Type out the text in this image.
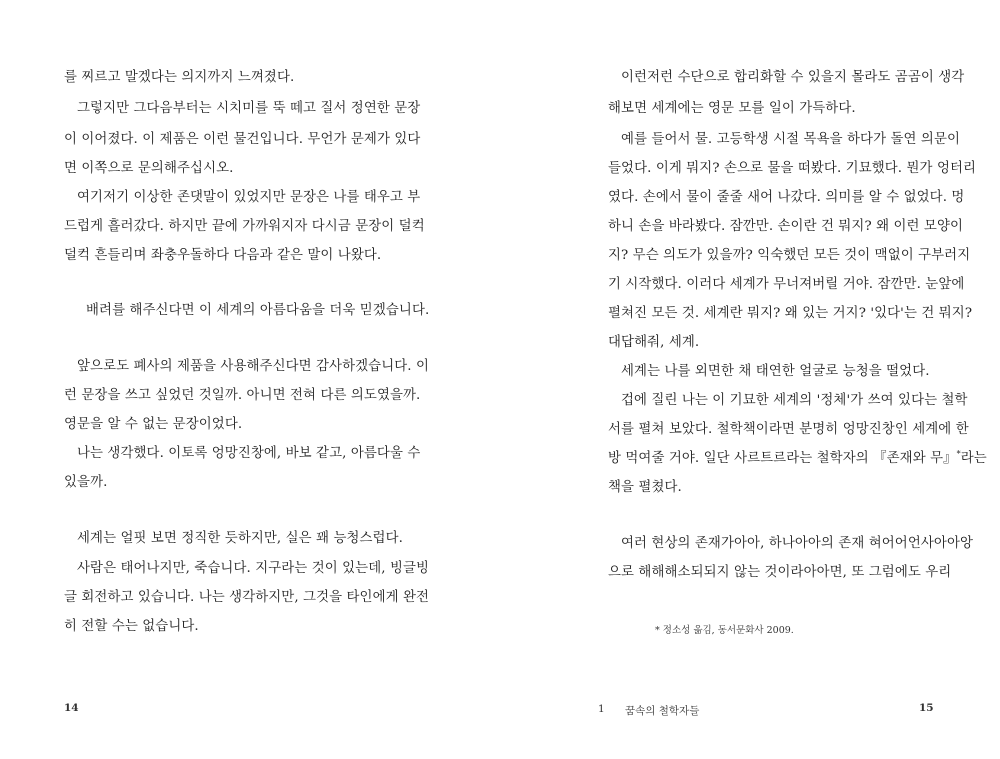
를 찌르고 말겠다는 의지까지 느껴졌다.
그렇지만 그다음부터는 시치미를 뚝 떼고 질서 정연한 문장
이 이어졌다. 이 제품은 이런 물건입니다. 무언가 문제가 있다
면 이쪽으로 문의해주십시오.
여기저기 이상한 존댓말이 있었지만 문장은 나를 태우고 부
드럽게 흘러갔다. 하지만 끝에 가까워지자 다시금 문장이 덜컥
덜컥 흔들리며 좌충우돌하다 다음과 같은 말이 나왔다.
배려를 해주신다면 이 세계의 아름다움을 더욱 믿겠습니다.
앞으로도 폐사의 제품을 사용해주신다면 감사하겠습니다. 이
런 문장을 쓰고 싶었던 것일까. 아니면 전혀 다른 의도였을까.
영문을 알 수 없는 문장이었다.
나는 생각했다. 이토록 엉망진창에, 바보 같고, 아름다울 수
있을까.
세계는 얼핏 보면 정직한 듯하지만, 실은 꽤 능청스럽다.
사람은 태어나지만, 죽습니다. 지구라는 것이 있는데, 빙글빙
글 회전하고 있습니다. 나는 생각하지만, 그것을 타인에게 완전
히 전할 수는 없습니다.
14
이런저런 수단으로 합리화할 수 있을지 몰라도 곰곰이 생각
해보면 세계에는 영문 모를 일이 가득하다.
예를 들어서 물. 고등학생 시절 목욕을 하다가 돌연 의문이
들었다. 이게 뭐지? 손으로 물을 떠봤다. 기묘했다. 뭔가 엉터리
였다. 손에서 물이 줄줄 새어 나갔다. 의미를 알 수 없었다. 멍
하니 손을 바라봤다. 잠깐만. 손이란 건 뭐지? 왜 이런 모양이
지? 무슨 의도가 있을까? 익숙했던 모든 것이 맥없이 구부러지
기 시작했다. 이러다 세계가 무너져버릴 거야. 잠깐만. 눈앞에
펼쳐진 모든 것. 세계란 뭐지? 왜 있는 거지? '있다'는 건 뭐지?
대답해줘, 세계.
세계는 나를 외면한 채 태연한 얼굴로 능청을 떨었다.
겁에 질린 나는 이 기묘한 세계의 '정체'가 쓰여 있다는 철학
서를 펼쳐 보았다. 철학책이라면 분명히 엉망진창인 세계에 한
방 먹여줄 거야. 일단 사르트르라는 철학자의 『존재와 무』*라는
책을 펼쳤다.
여러 현상의 존재가아아, 하나아아의 존재 혀어어언사아아앙
으로 해해해소되되지 않는 것이라아아면, 또 그럼에도 우리
* 정소성 옮김, 동서문화사 2009.
1 꿈속의 철학자들	15
